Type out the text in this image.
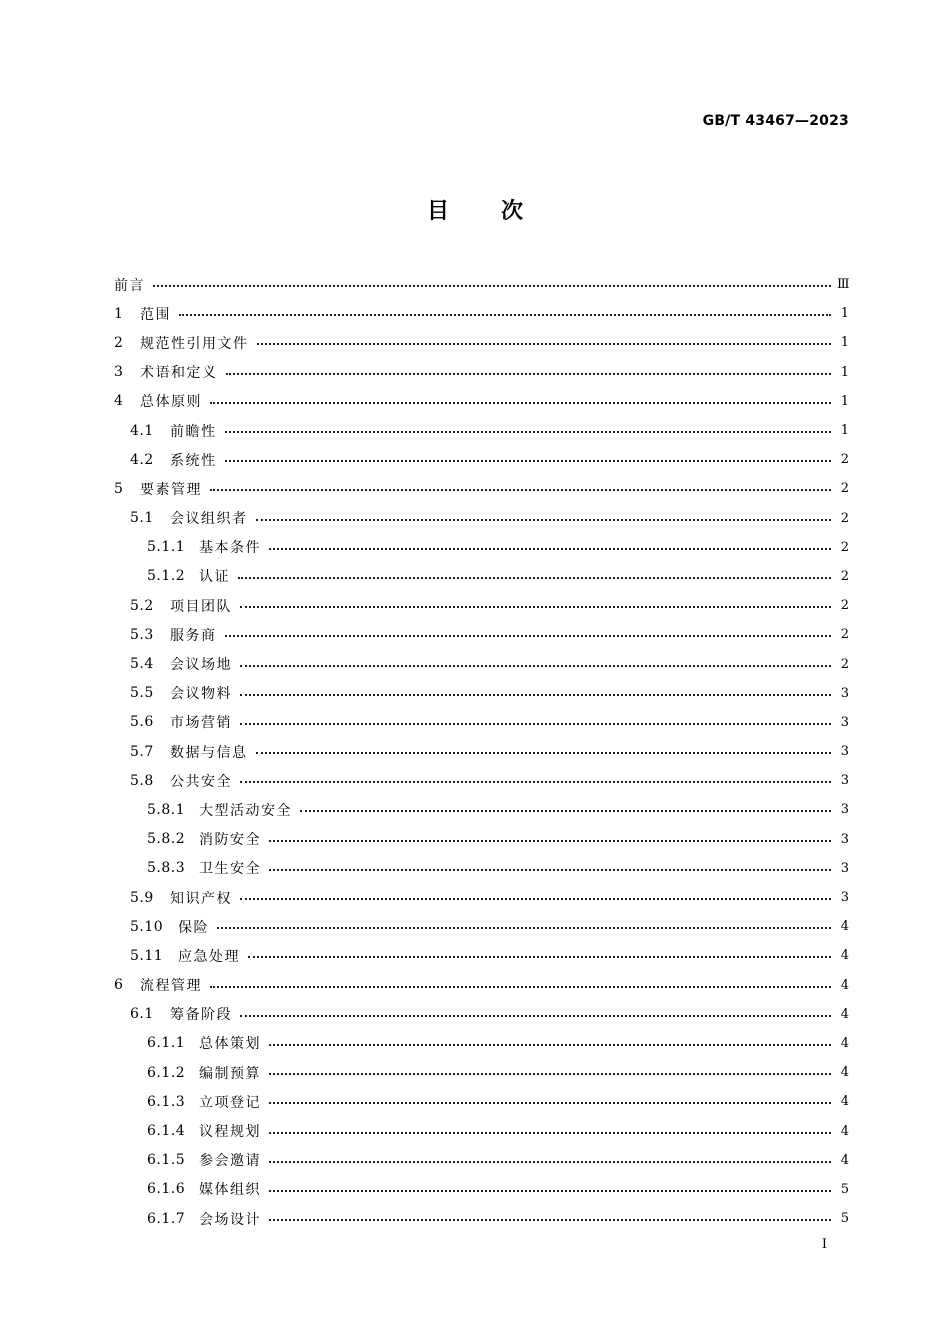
GB/T 43467—2023
目 次
前言	Ⅲ
1	范围	1
2	规范性引用文件	1
3	术语和定义	1
4	总体原则	1
4.1	前瞻性	1
4.2	系统性	2
5	要素管理	2
5.1	会议组织者	2
5.1.1 基本条件	2
5.1.2 认证	2
5.2	项目团队	2
5.3	服务商	2
5.4	会议场地	2
5.5	会议物料	3
5.6	市场营销	3
5.7	数据与信息	3
5.8	公共安全	3
5.8.1 大型活动安全	3
5.8.2 消防安全	3
5.8.3 卫生安全	3
5.9	知识产权	3
5.10	保险	4
5.11	应急处理	4
6	流程管理	4
6.1	筹备阶段	4
6.1.1 总体策划	4
6.1.2 编制预算	4
6.1.3 立项登记	4
6.1.4 议程规划	4
6.1.5 参会邀请	4
6.1.6 媒体组织	5
6.1.7 会场设计	5
I
